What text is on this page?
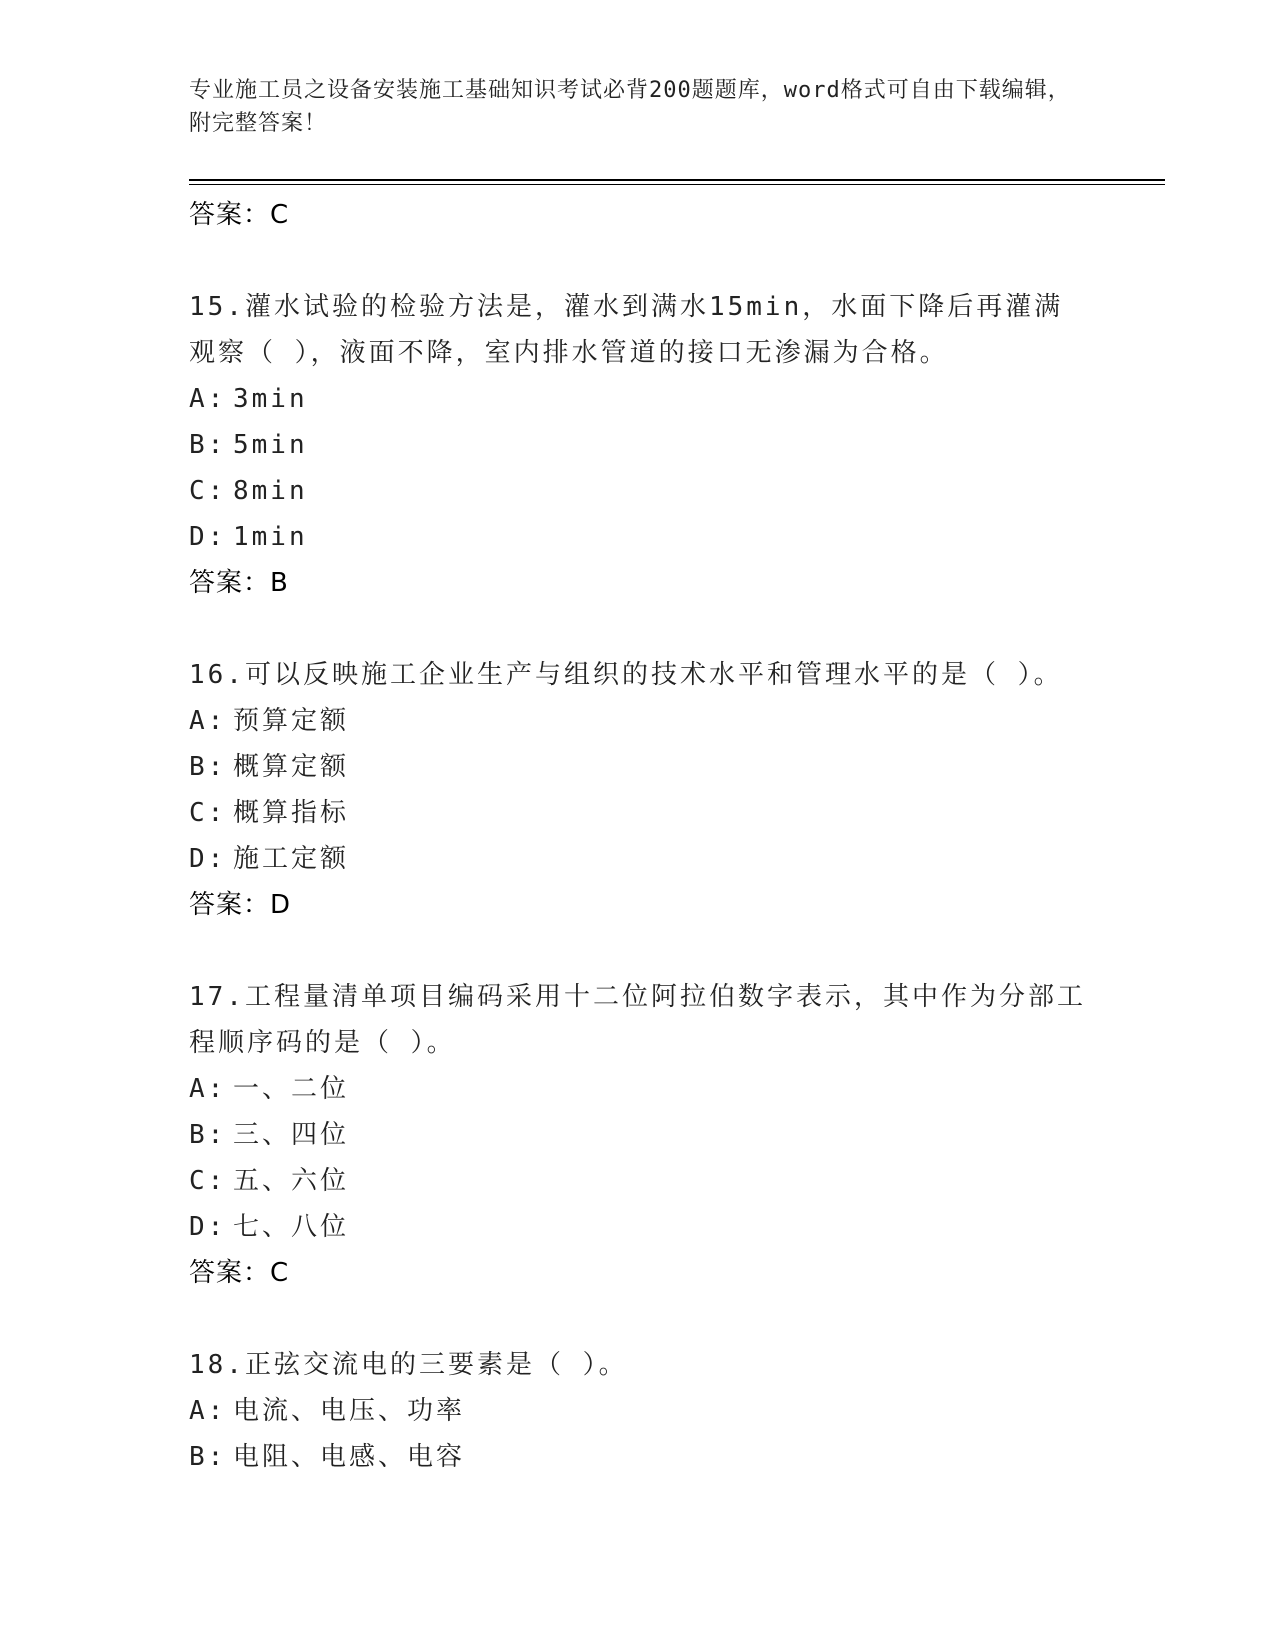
专业施工员之设备安装施工基础知识考试必背200题题库，word格式可自由下载编辑，附完整答案！
答案：C
15.灌水试验的检验方法是，灌水到满水15min，水面下降后再灌满观察（ ），液面不降，室内排水管道的接口无渗漏为合格。
A: 3min
B: 5min
C: 8min
D: 1min
答案：B
16.可以反映施工企业生产与组织的技术水平和管理水平的是（ ）。
A: 预算定额
B: 概算定额
C: 概算指标
D: 施工定额
答案：D
17.工程量清单项目编码采用十二位阿拉伯数字表示，其中作为分部工程顺序码的是（ ）。
A: 一、二位
B: 三、四位
C: 五、六位
D: 七、八位
答案：C
18.正弦交流电的三要素是（ ）。
A: 电流、电压、功率
B: 电阻、电感、电容
